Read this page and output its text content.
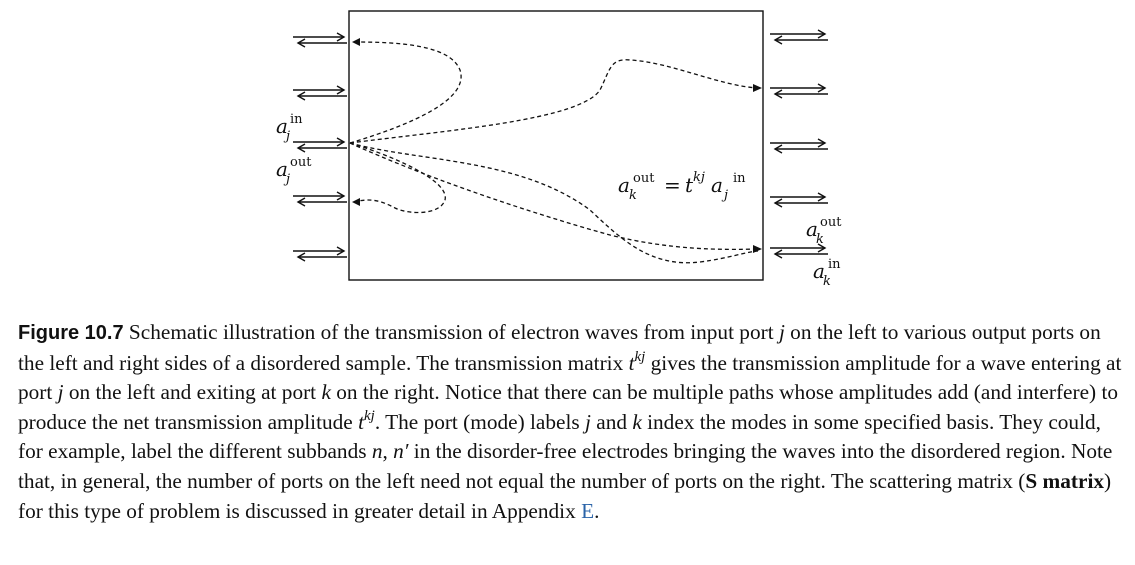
a in
j
a out
j
a out
k
a in
k
a out
k = t kj a in
j

Figure 10.7 Schematic illustration of the transmission of electron waves from input port j on the left to various output ports on the left and right sides of a disordered sample. The transmission matrix $t^{kj}$ gives the transmission amplitude for a wave entering at port j on the left and exiting at port k on the right. Notice that there can be multiple paths whose amplitudes add (and interfere) to produce the net transmission amplitude $t^{kj}$. The port (mode) labels j and k index the modes in some specified basis. They could, for example, label the different subbands n, n′ in the disorder-free electrodes bringing the waves into the disordered region. Note that, in general, the number of ports on the left need not equal the number of ports on the right. The scattering matrix (S matrix) for this type of problem is discussed in greater detail in Appendix E.
